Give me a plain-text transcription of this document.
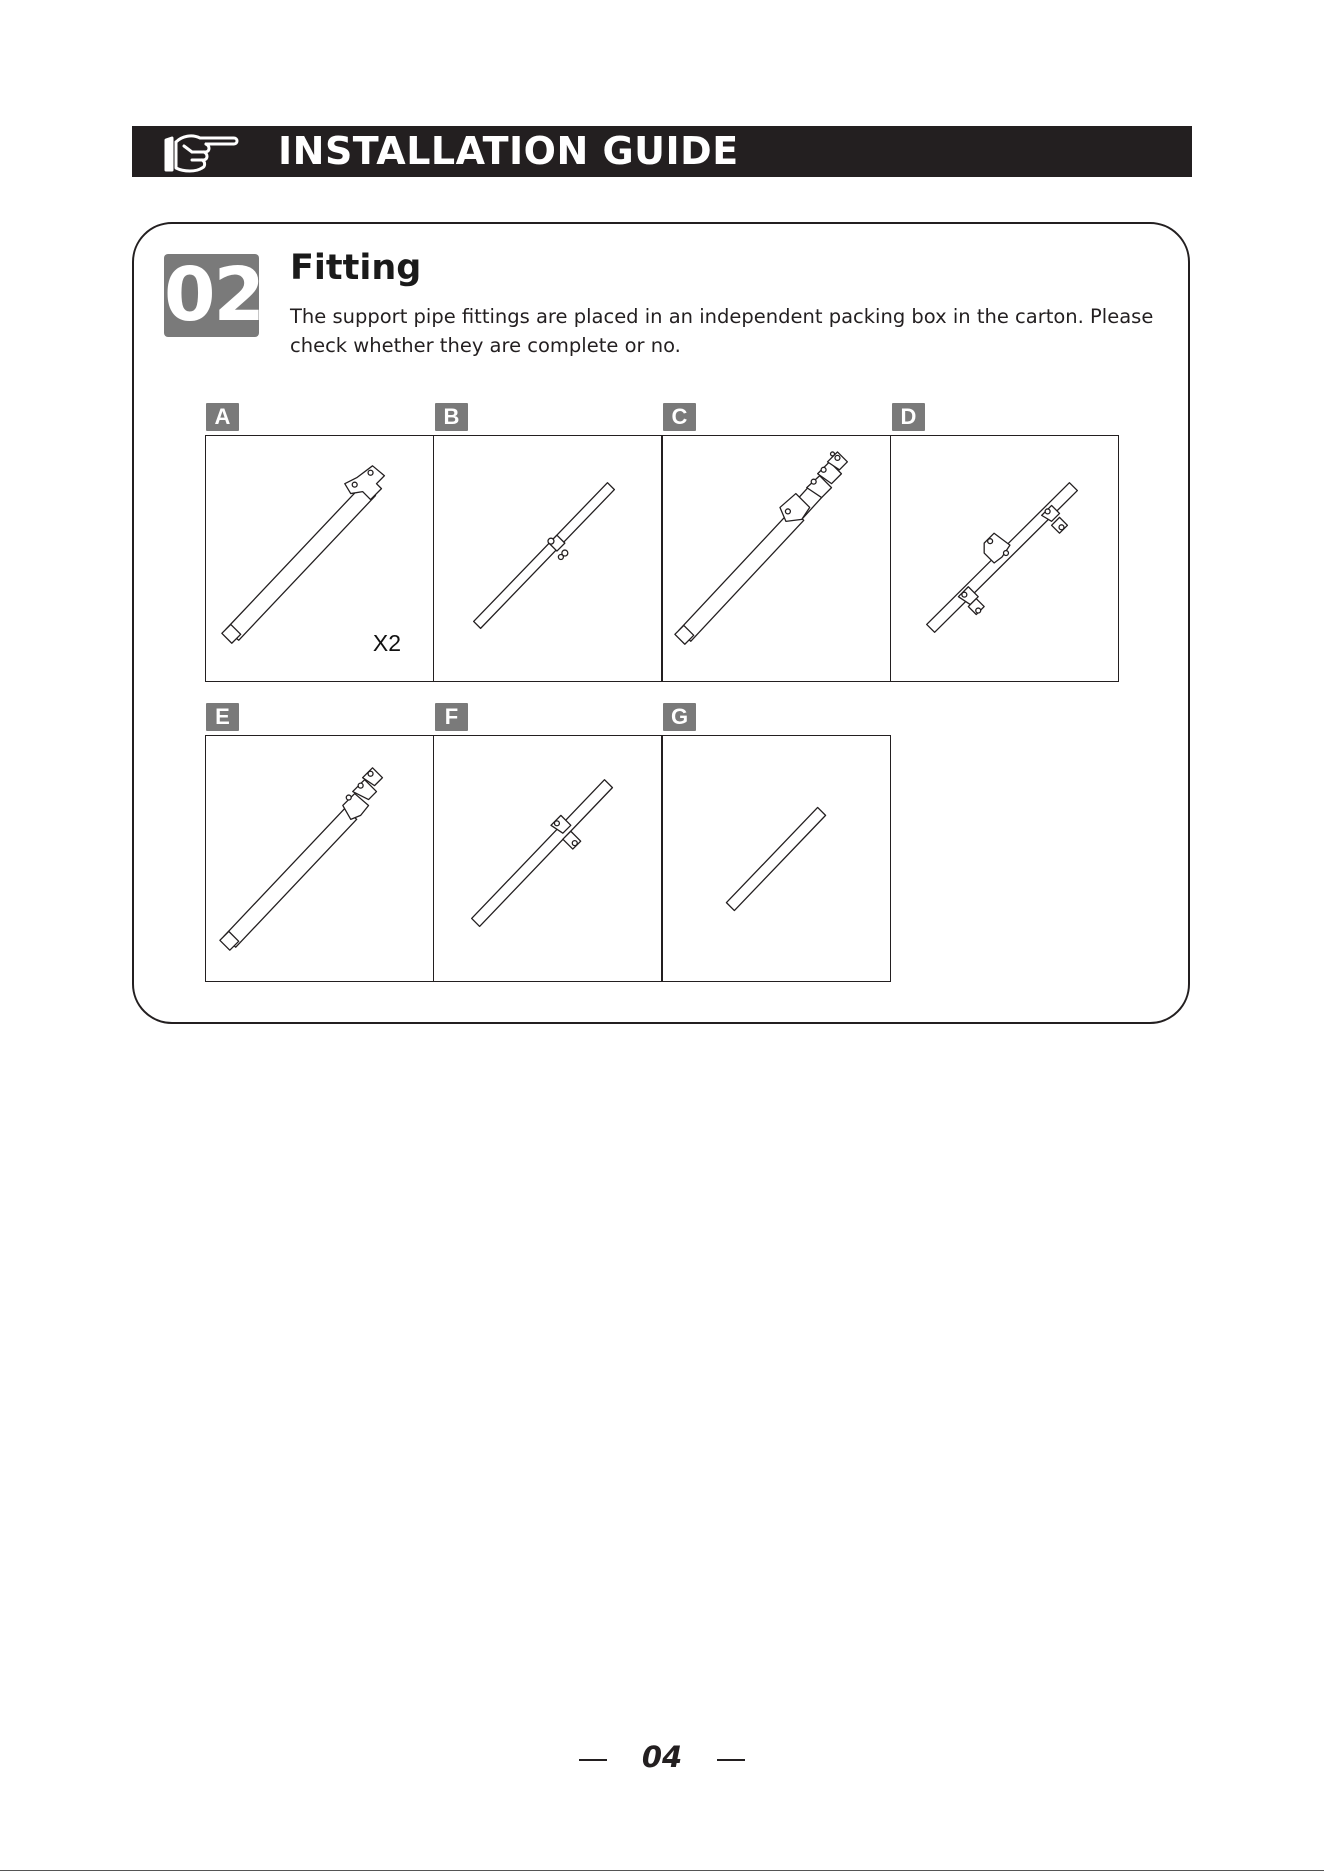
INSTALLATION GUIDE
02 Fitting
The support pipe fittings are placed in an independent packing box in the carton. Please check whether they are complete or no.
A	B	C	D
X2
E	F	G
04
